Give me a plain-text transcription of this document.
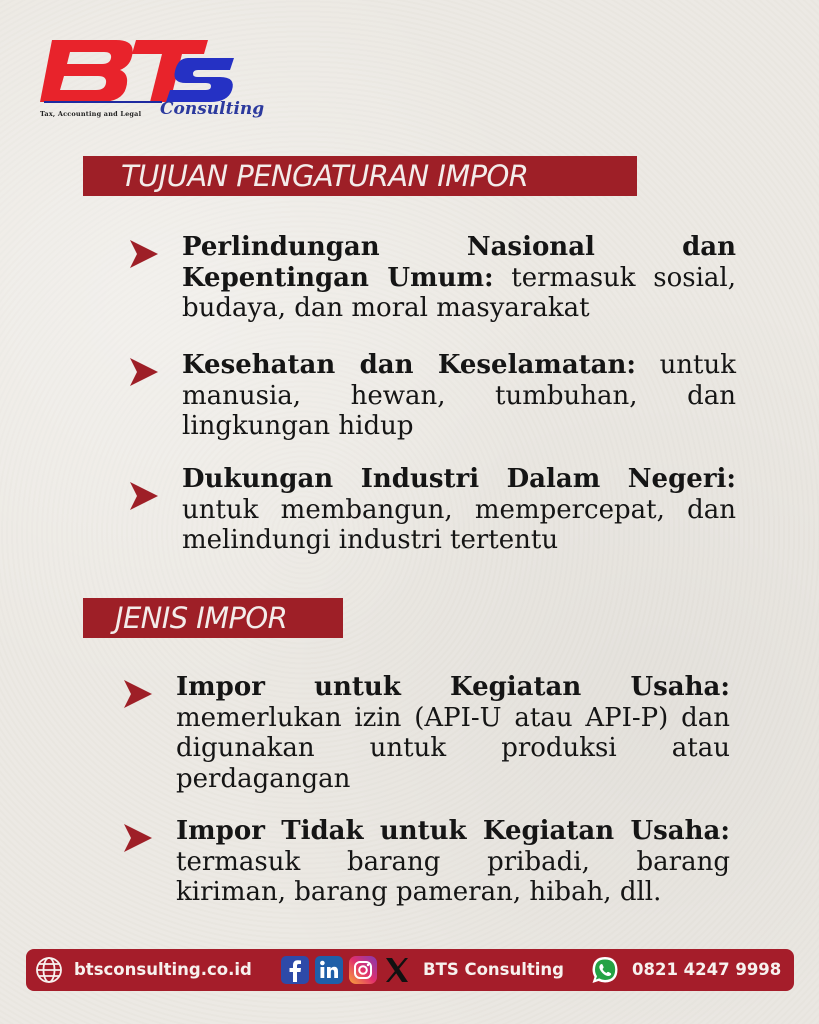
Tax, Accounting and Legal Consulting
TUJUAN PENGATURAN IMPOR
Perlindungan Nasional dan Kepentingan Umum: termasuk sosial, budaya, dan moral masyarakat
Kesehatan dan Keselamatan: untuk manusia, hewan, tumbuhan, dan lingkungan hidup
Dukungan Industri Dalam Negeri: untuk membangun, mempercepat, dan melindungi industri tertentu
JENIS IMPOR
Impor untuk Kegiatan Usaha: memerlukan izin (API-U atau API-P) dan digunakan untuk produksi atau perdagangan
Impor Tidak untuk Kegiatan Usaha: termasuk barang pribadi, barang kiriman, barang pameran, hibah, dll.
btsconsulting.co.id	BTS Consulting	0821 4247 9998
